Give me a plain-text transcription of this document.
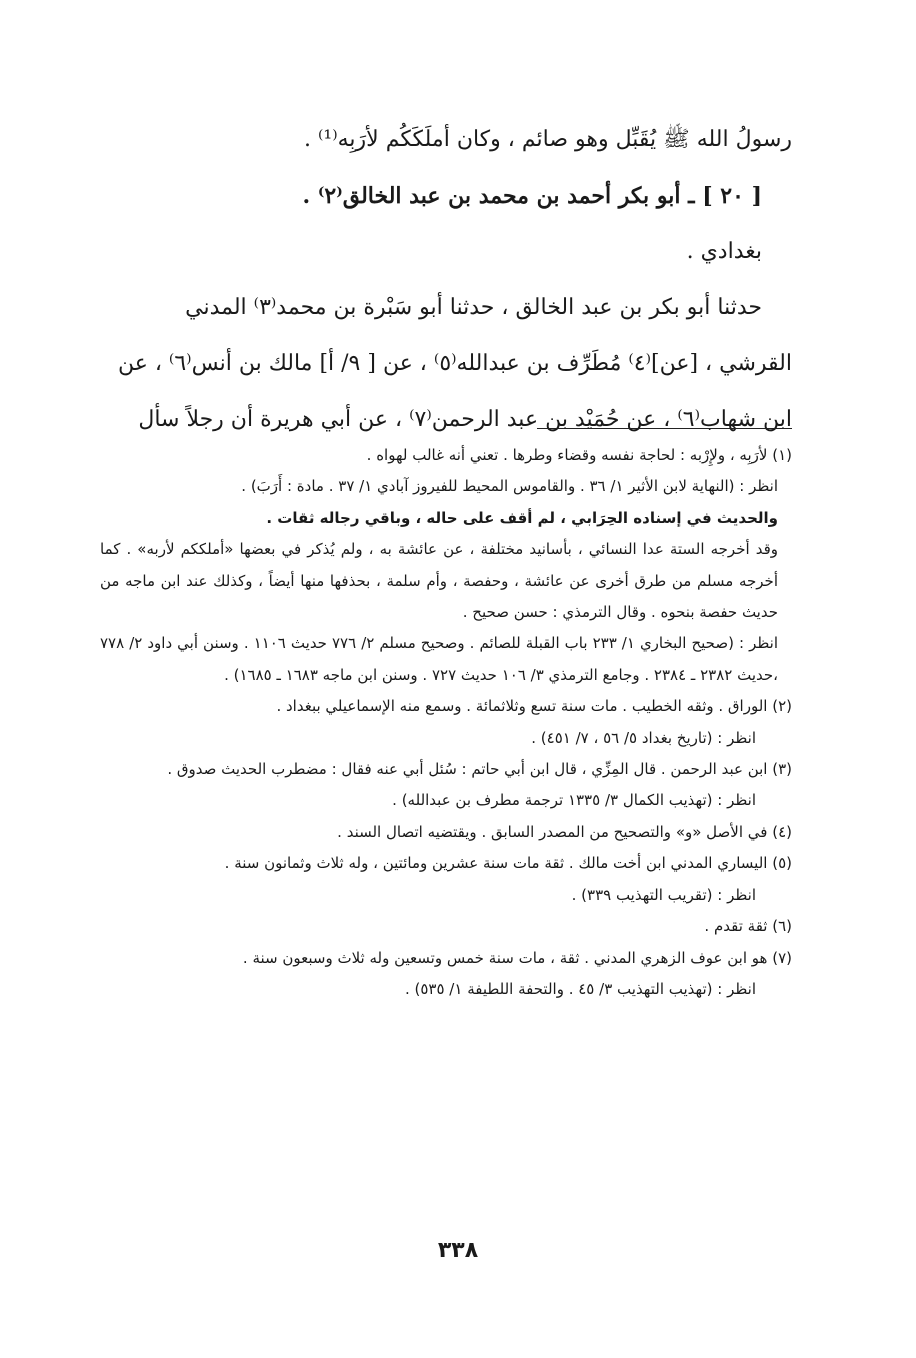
رسولُ الله ﷺ يُقَبِّل وهو صائم ، وكان أملَكَكُم لأرَبِه⁽¹⁾ .
[ ٢٠ ] ـ أبو بكر أحمد بن محمد بن عبد الخالق⁽٢⁾ .
بغدادي .
حدثنا أبو بكر بن عبد الخالق ، حدثنا أبو سَبْرة بن محمد⁽٣⁾ المدني
القرشي ، [عن]⁽٤⁾ مُطَرِّف بن عبدالله⁽٥⁾ ، عن [ ٩/ أ] مالك بن أنس⁽٦⁾ ، عن
ابن شهاب⁽٦⁾ ، عن حُمَيْد بن عبد الرحمن⁽٧⁾ ، عن أبي هريرة أن رجلاً سأل
(١) لأرَبِه ، ولإِرْبه : لحاجة نفسه وقضاء وطرها . تعني أنه غالب لهواه .
انظر : (النهاية لابن الأثير ١/ ٣٦ . والقاموس المحيط للفيروز آبادي ١/ ٣٧ . مادة : أَرَبَ) .
والحديث في إسناده الحِرَابي ، لم أقف على حاله ، وباقي رجاله ثقات .
وقد أخرجه الستة عدا النسائي ، بأسانيد مختلفة ، عن عائشة به ، ولم يُذكر في بعضها «أملككم لأربه» . كما أخرجه مسلم من طرق أخرى عن عائشة ، وحفصة ، وأم سلمة ، بحذفها منها أيضاً ، وكذلك عند ابن ماجه من حديث حفصة بنحوه . وقال الترمذي : حسن صحيح .
انظر : (صحيح البخاري ١/ ٢٣٣ باب القبلة للصائم . وصحيح مسلم ٢/ ٧٧٦ حديث ١١٠٦ . وسنن أبي داود ٢/ ٧٧٨ ،حديث ٢٣٨٢ ـ ٢٣٨٤ . وجامع الترمذي ٣/ ١٠٦ حديث ٧٢٧ . وسنن ابن ماجه ١٦٨٣ ـ ١٦٨٥) .
(٢) الوراق . وثقه الخطيب . مات سنة تسع وثلاثمائة . وسمع منه الإسماعيلي ببغداد .
انظر : (تاريخ بغداد ٥/ ٥٦ ، ٧/ ٤٥١) .
(٣) ابن عبد الرحمن . قال المِزِّي ، قال ابن أبي حاتم : سُئل أبي عنه فقال : مضطرب الحديث صدوق .
انظر : (تهذيب الكمال ٣/ ١٣٣٥ ترجمة مطرف بن عبدالله) .
(٤) في الأصل «و» والتصحيح من المصدر السابق . ويقتضيه اتصال السند .
(٥) اليساري المدني ابن أخت مالك . ثقة مات سنة عشرين ومائتين ، وله ثلاث وثمانون سنة .
انظر : (تقريب التهذيب ٣٣٩) .
(٦) ثقة تقدم .
(٧) هو ابن عوف الزهري المدني . ثقة ، مات سنة خمس وتسعين وله ثلاث وسبعون سنة .
انظر : (تهذيب التهذيب ٣/ ٤٥ . والتحفة اللطيفة ١/ ٥٣٥) .
٣٣٨
